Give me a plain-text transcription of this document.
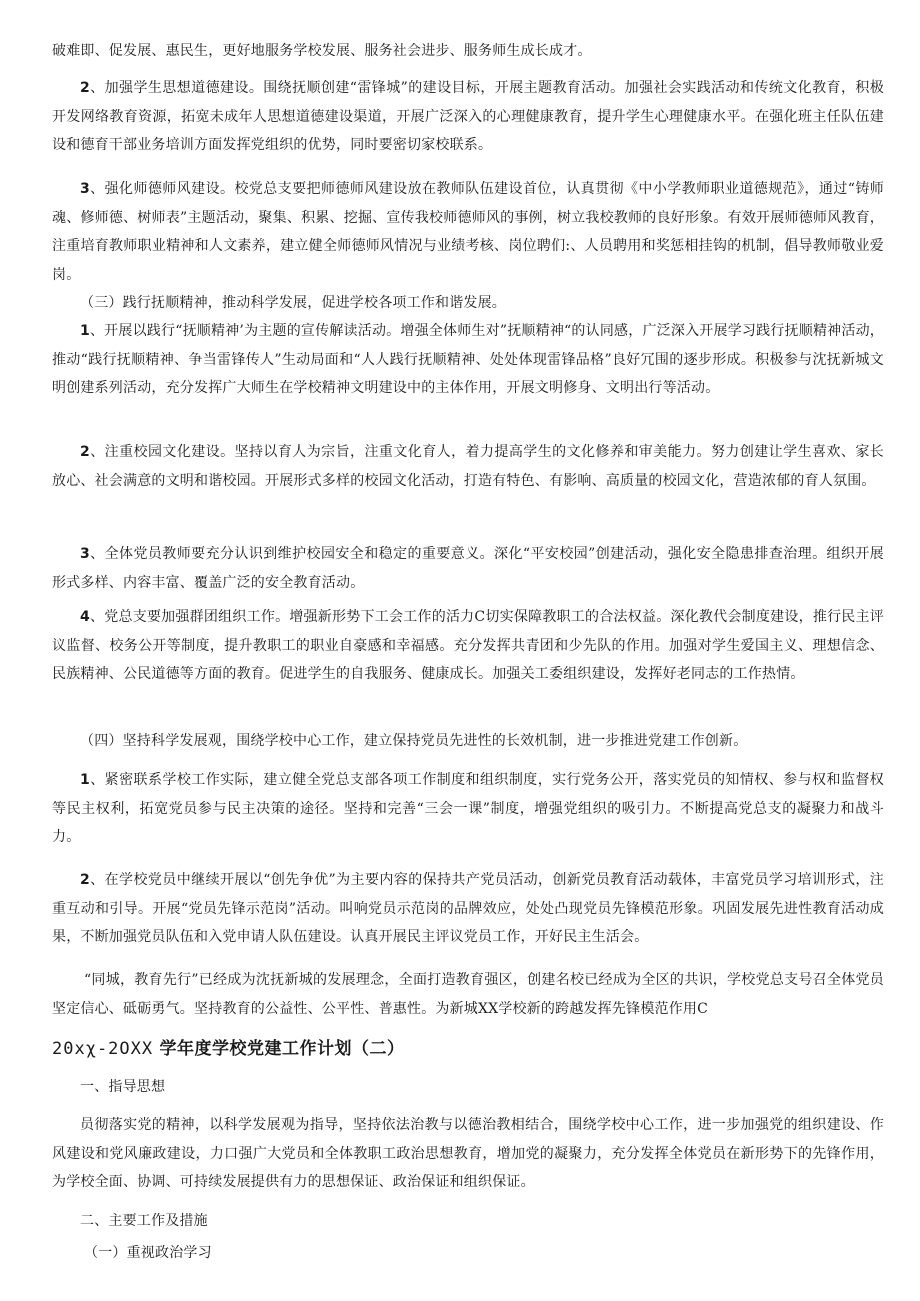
破难即、促发展、惠民生，更好地服务学校发展、服务社会进步、服务师生成长成才。

2、加强学生思想道德建设。围绕抚顺创建“雷锋城”的建设目标，开展主题教育活动。加强社会实践活动和传统文化教育，积极开发网络教育资源，拓宽未成年人思想道德建设渠道，开展广泛深入的心理健康教育，提升学生心理健康水平。在强化班主任队伍建设和德育干部业务培训方面发挥党组织的优势，同时要密切家校联系。

3、强化师德师风建设。校党总支要把师德师风建设放在教师队伍建设首位，认真贯彻《中小学教师职业道德规范》，通过“铸师魂、修师德、树师表”主题活动，聚集、积累、挖掘、宣传我校师德师风的事例，树立我校教师的良好形象。有效开展师德师风教育，注重培育教师职业精神和人文素养，建立健全师德师风情况与业绩考核、岗位聘们:、人员聘用和奖惩相挂钩的机制，倡导教师敬业爱岗。

（三）践行抚顺精神，推动科学发展，促进学校各项工作和谐发展。

1、开展以践行“抚顺精神’为主题的宣传解读活动。增强全体师生对”抚顺精神“的认同感，广泛深入开展学习践行抚顺精神活动，推动“践行抚顺精神、争当雷锋传人”生动局面和“人人践行抚顺精神、处处体现雷锋品格”良好冗围的逐步形成。积极参与沈抚新城文明创建系列活动，充分发挥广大师生在学校精神文明建设中的主体作用，开展文明修身、文明出行等活动。

2、注重校园文化建设。坚持以育人为宗旨，注重文化育人，着力提高学生的文化修养和审美能力。努力创建让学生喜欢、家长放心、社会满意的文明和谐校园。开展形式多样的校园文化活动，打造有特色、有影响、高质量的校园文化，营造浓郁的育人氛围。

3、全体党员教师要充分认识到维护校园安全和稳定的重要意义。深化“平安校园”创建活动，强化安全隐患排查治理。组织开展形式多样、内容丰富、覆盖广泛的安全教育活动。

4、党总支要加强群团组织工作。增强新形势下工会工作的活力C切实保障教职工的合法权益。深化教代会制度建设，推行民主评议监督、校务公开等制度，提升教职工的职业自豪感和幸福感。充分发挥共青团和少先队的作用。加强对学生爱国主义、理想信念、民族精神、公民道德等方面的教育。促进学生的自我服务、健康成长。加强关工委组织建设，发挥好老同志的工作热情。

（四）坚持科学发展观，围绕学校中心工作，建立保持党员先进性的长效机制，进一步推进党建工作创新。

1、紧密联系学校工作实际，建立健全党总支部各项工作制度和组织制度，实行党务公开，落实党员的知情权、参与权和监督权等民主权利，拓宽党员参与民主决策的途径。坚持和完善“三会一课”制度，增强党组织的吸引力。不断提高党总支的凝聚力和战斗力。

2、在学校党员中继续开展以“创先争优”为主要内容的保持共产党员活动，创新党员教育活动载体，丰富党员学习培训形式，注重互动和引导。开展“党员先锋示范岗”活动。叫响党员示范岗的品牌效应，处处凸现党员先锋模范形象。巩固发展先进性教育活动成果，不断加强党员队伍和入党申请人队伍建设。认真开展民主评议党员工作，开好民主生活会。

“同城，教育先行”已经成为沈抚新城的发展理念，全面打造教育强区，创建名校已经成为全区的共识，学校党总支号召全体党员坚定信心、砥砺勇气。坚持教育的公益性、公平性、普惠性。为新城XX学校新的跨越发挥先锋模范作用C

20xχ-2OXX 学年度学校党建工作计划（二）

一、指导思想

员彻落实党的精神，以科学发展观为指导，坚持依法治教与以德治教相结合，围绕学校中心工作，进一步加强党的组织建设、作风建设和党风廉政建设，力口强广大党员和全体教职工政治思想教育，增加党的凝聚力，充分发挥全体党员在新形势下的先锋作用，为学校全面、协调、可持续发展提供有力的思想保证、政治保证和组织保证。

二、主要工作及措施

（一）重视政治学习
